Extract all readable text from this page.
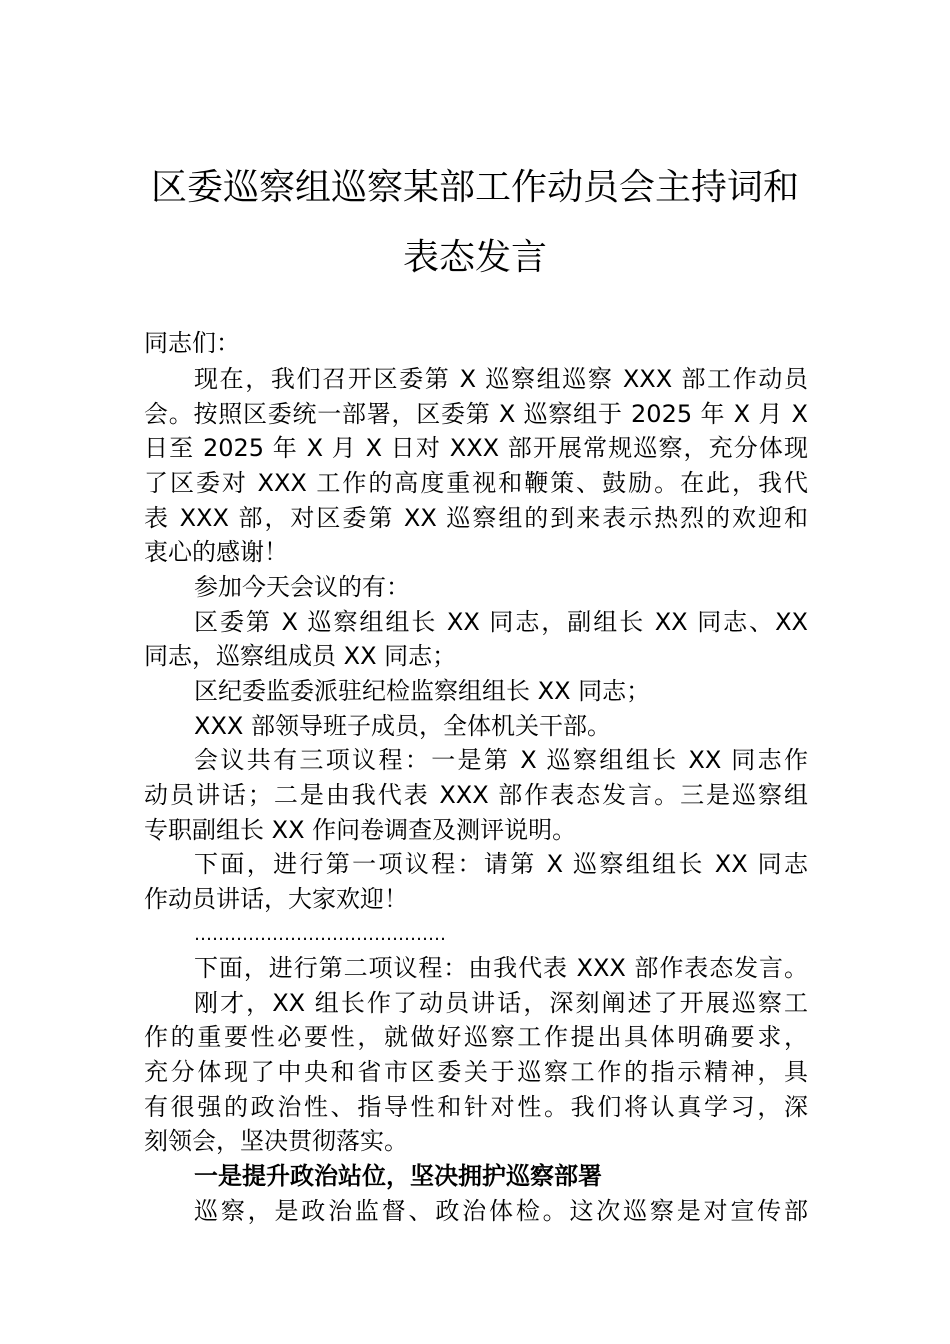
区委巡察组巡察某部工作动员会主持词和
表态发言
同志们：
现在，我们召开区委第 X 巡察组巡察 XXX 部工作动员
会。按照区委统一部署，区委第 X 巡察组于 2025 年 X 月 X
日至 2025 年 X 月 X 日对 XXX 部开展常规巡察，充分体现
了区委对 XXX 工作的高度重视和鞭策、鼓励。在此，我代
表 XXX 部，对区委第 XX 巡察组的到来表示热烈的欢迎和
衷心的感谢！
参加今天会议的有：
区委第 X 巡察组组长 XX 同志，副组长 XX 同志、XX
同志，巡察组成员 XX 同志；
区纪委监委派驻纪检监察组组长 XX 同志；
XXX 部领导班子成员，全体机关干部。
会议共有三项议程：一是第 X 巡察组组长 XX 同志作
动员讲话；二是由我代表 XXX 部作表态发言。三是巡察组
专职副组长 XX 作问卷调查及测评说明。
下面，进行第一项议程：请第 X 巡察组组长 XX 同志
作动员讲话，大家欢迎！
……………………………………
下面，进行第二项议程：由我代表 XXX 部作表态发言。
刚才，XX 组长作了动员讲话，深刻阐述了开展巡察工
作的重要性必要性，就做好巡察工作提出具体明确要求，
充分体现了中央和省市区委关于巡察工作的指示精神，具
有很强的政治性、指导性和针对性。我们将认真学习，深
刻领会，坚决贯彻落实。
一是提升政治站位，坚决拥护巡察部署
巡察，是政治监督、政治体检。这次巡察是对宣传部
